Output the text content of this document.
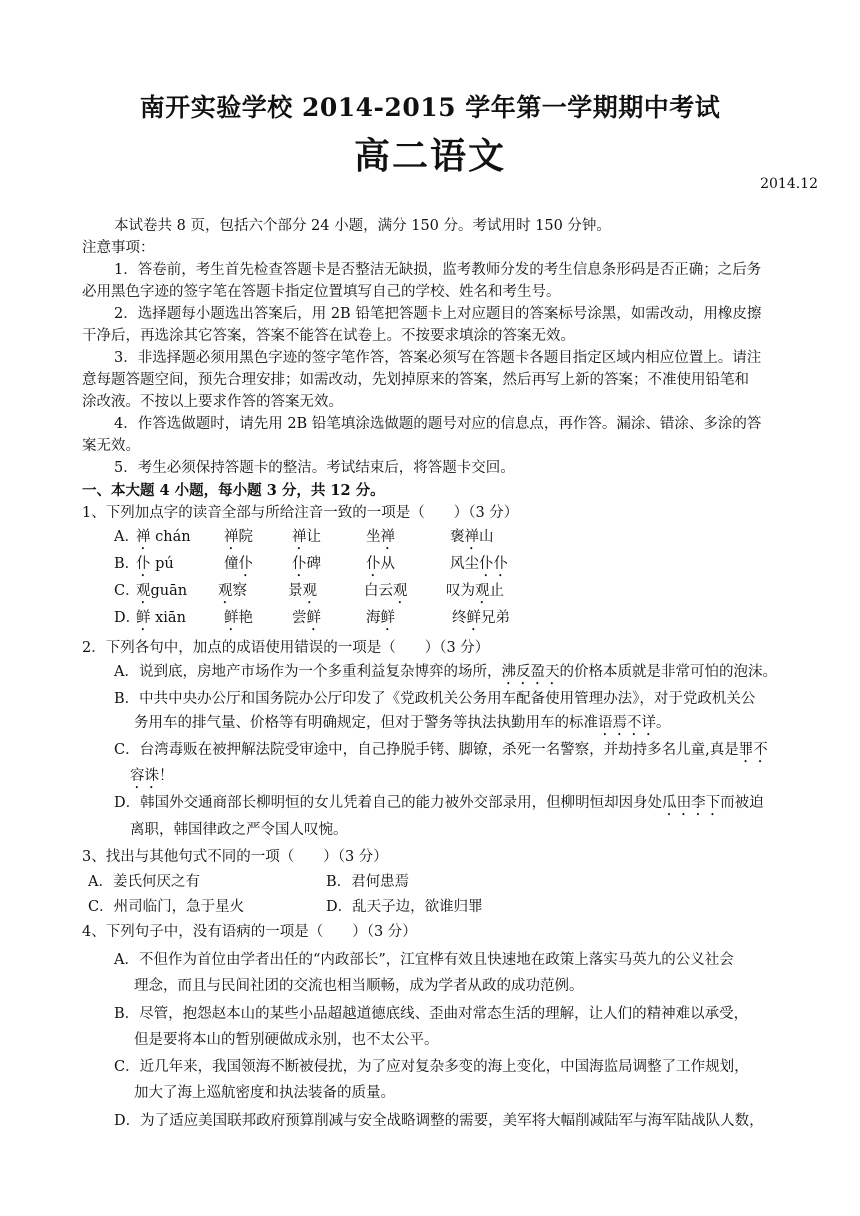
南开实验学校 2014-2015 学年第一学期期中考试
高二语文
2014.12
本试卷共 8 页，包括六个部分 24 小题，满分 150 分。考试用时 150 分钟。
注意事项：
1．答卷前，考生首先检查答题卡是否整洁无缺损，监考教师分发的考生信息条形码是否正确；之后务
必用黑色字迹的签字笔在答题卡指定位置填写自己的学校、姓名和考生号。
2．选择题每小题选出答案后，用 2B 铅笔把答题卡上对应题目的答案标号涂黑，如需改动，用橡皮擦
干净后，再选涂其它答案，答案不能答在试卷上。不按要求填涂的答案无效。
3．非选择题必须用黑色字迹的签字笔作答，答案必须写在答题卡各题目指定区域内相应位置上。请注
意每题答题空间，预先合理安排；如需改动，先划掉原来的答案，然后再写上新的答案；不准使用铅笔和
涂改液。不按以上要求作答的答案无效。
4．作答选做题时，请先用 2B 铅笔填涂选做题的题号对应的信息点，再作答。漏涂、错涂、多涂的答
案无效。
5．考生必须保持答题卡的整洁。考试结束后，将答题卡交回。
一、本大题 4 小题，每小题 3 分，共 12 分。
1、下列加点字的读音全部与所给注音一致的一项是（　　）（3 分）
A．
禅 chán 禅院	禅让	坐禅	褒禅山
B．
仆 pú	僮仆	仆碑	仆从	风尘仆仆
C．
观guān 观察	景观	白云观	叹为观止
D．
鲜 xiān	鲜艳	尝鲜	海鲜	终鲜兄弟
2．下列各句中，加点的成语使用错误的一项是（　　）（3 分）
A．说到底，房地产市场作为一个多重利益复杂博弈的场所，沸反盈天的价格本质就是非常可怕的泡沫。
B．中共中央办公厅和国务院办公厅印发了《党政机关公务用车配备使用管理办法》，对于党政机关公
务用车的排气量、价格等有明确规定，但对于警务等执法执勤用车的标准语焉不详。
C．台湾毒贩在被押解法院受审途中，自己挣脱手铐、脚镣，杀死一名警察，并劫持多名儿童,真是罪不
容诛！
D．韩国外交通商部长柳明恒的女儿凭着自己的能力被外交部录用，但柳明恒却因身处瓜田李下而被迫
离职，韩国律政之严令国人叹惋。
3、找出与其他句式不同的一项（　　）（3 分）
A．姜氏何厌之有	B．君何患焉
C．州司临门，急于星火	D．乱天子边，欲谁归罪
4、下列句子中，没有语病的一项是（　　）（3 分）
A．不但作为首位由学者出任的“内政部长”，江宜桦有效且快速地在政策上落实马英九的公义社会
理念，而且与民间社团的交流也相当顺畅，成为学者从政的成功范例。
B．尽管，抱怨赵本山的某些小品超越道德底线、歪曲对常态生活的理解，让人们的精神难以承受，
但是要将本山的暂别硬做成永别，也不太公平。
C．近几年来，我国领海不断被侵扰，为了应对复杂多变的海上变化，中国海监局调整了工作规划，
加大了海上巡航密度和执法装备的质量。
D．为了适应美国联邦政府预算削减与安全战略调整的需要，美军将大幅削减陆军与海军陆战队人数，
